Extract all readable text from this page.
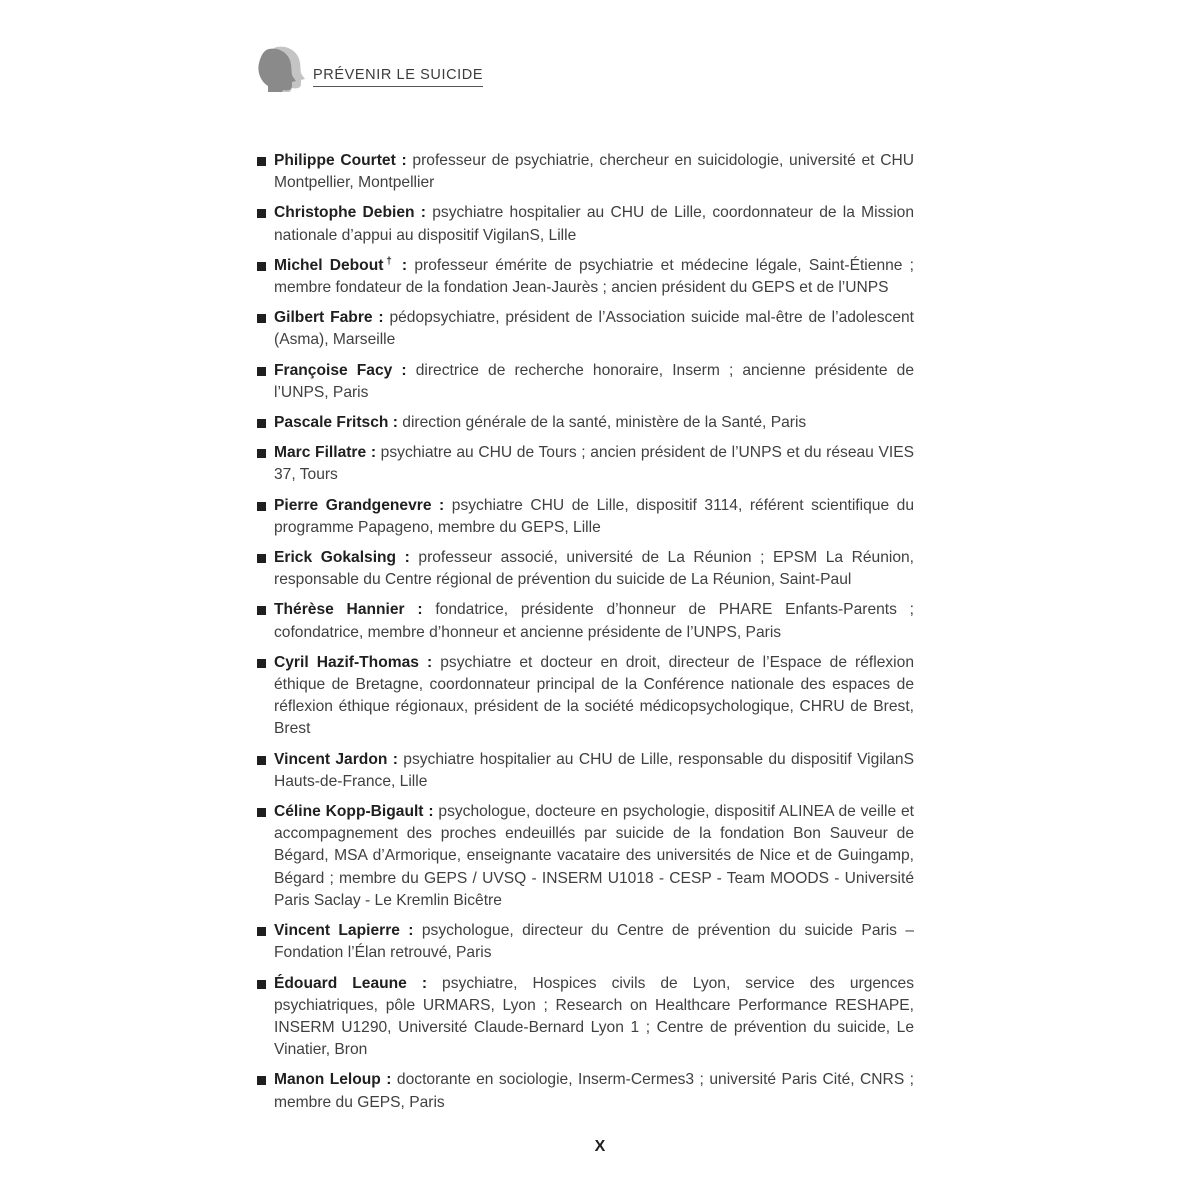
PRÉVENIR LE SUICIDE
Philippe Courtet : professeur de psychiatrie, chercheur en suicidologie, université et CHU Montpellier, Montpellier
Christophe Debien : psychiatre hospitalier au CHU de Lille, coordonnateur de la Mission nationale d’appui au dispositif VigilanS, Lille
Michel Debout† : professeur émérite de psychiatrie et médecine légale, Saint-Étienne ; membre fondateur de la fondation Jean-Jaurès ; ancien président du GEPS et de l’UNPS
Gilbert Fabre : pédopsychiatre, président de l’Association suicide mal-être de l’adolescent (Asma), Marseille
Françoise Facy : directrice de recherche honoraire, Inserm ; ancienne présidente de l’UNPS, Paris
Pascale Fritsch : direction générale de la santé, ministère de la Santé, Paris
Marc Fillatre : psychiatre au CHU de Tours ; ancien président de l’UNPS et du réseau VIES 37, Tours
Pierre Grandgenevre : psychiatre CHU de Lille, dispositif 3114, référent scientifique du programme Papageno, membre du GEPS, Lille
Erick Gokalsing : professeur associé, université de La Réunion ; EPSM La Réunion, responsable du Centre régional de prévention du suicide de La Réunion, Saint-Paul
Thérèse Hannier : fondatrice, présidente d’honneur de PHARE Enfants-Parents ; cofondatrice, membre d’honneur et ancienne présidente de l’UNPS, Paris
Cyril Hazif-Thomas : psychiatre et docteur en droit, directeur de l’Espace de réflexion éthique de Bretagne, coordonnateur principal de la Conférence nationale des espaces de réflexion éthique régionaux, président de la société médicopsychologique, CHRU de Brest, Brest
Vincent Jardon : psychiatre hospitalier au CHU de Lille, responsable du dispositif VigilanS Hauts-de-France, Lille
Céline Kopp-Bigault : psychologue, docteure en psychologie, dispositif ALINEA de veille et accompagnement des proches endeuillés par suicide de la fondation Bon Sauveur de Bégard, MSA d’Armorique, enseignante vacataire des universités de Nice et de Guingamp, Bégard ; membre du GEPS / UVSQ - INSERM U1018 - CESP - Team MOODS - Université Paris Saclay - Le Kremlin Bicêtre
Vincent Lapierre : psychologue, directeur du Centre de prévention du suicide Paris – Fondation l’Élan retrouvé, Paris
Édouard Leaune : psychiatre, Hospices civils de Lyon, service des urgences psychiatriques, pôle URMARS, Lyon ; Research on Healthcare Performance RESHAPE, INSERM U1290, Université Claude-Bernard Lyon 1 ; Centre de prévention du suicide, Le Vinatier, Bron
Manon Leloup : doctorante en sociologie, Inserm-Cermes3 ; université Paris Cité, CNRS ; membre du GEPS, Paris
X
